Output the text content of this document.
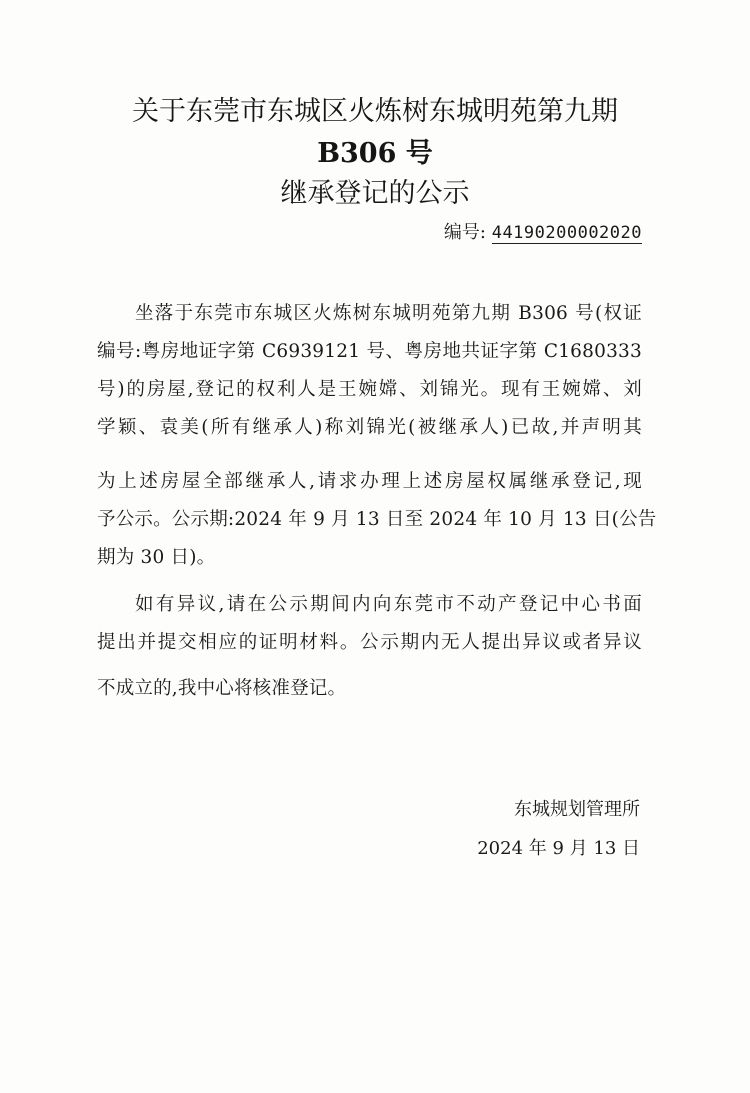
关于东莞市东城区火炼树东城明苑第九期
B306 号
继承登记的公示
编号: 44190200002020
坐落于东莞市东城区火炼树东城明苑第九期 B306 号(权证
编号:粤房地证字第 C6939121 号、粤房地共证字第 C1680333
号)的房屋,登记的权利人是王婉嫦、刘锦光。现有王婉嫦、刘
学颖、袁美(所有继承人)称刘锦光(被继承人)已故,并声明其
为上述房屋全部继承人,请求办理上述房屋权属继承登记,现
予公示。公示期:2024 年 9 月 13 日至 2024 年 10 月 13 日(公告
期为 30 日)。
如有异议,请在公示期间内向东莞市不动产登记中心书面
提出并提交相应的证明材料。公示期内无人提出异议或者异议
不成立的,我中心将核准登记。
东城规划管理所
2024 年 9 月 13 日
